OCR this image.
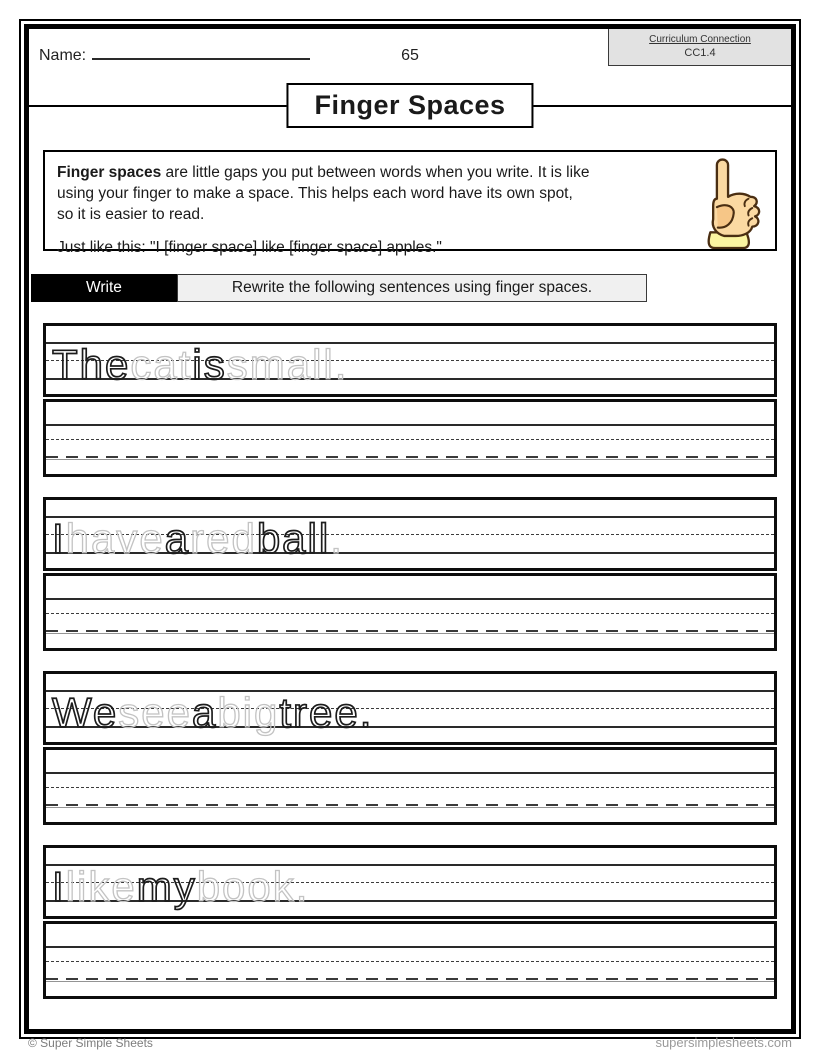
Name:	65
Curriculum Connection
CC1.4
Finger Spaces
Finger spaces are little gaps you put between words when you write. It is like
using your finger to make a space. This helps each word have its own spot,
so it is easier to read.
Just like this: "I [finger space] like [finger space] apples."
Write	Rewrite the following sentences using finger spaces.
Thecatissmall.
Ihavearedball.
Weseeabigtree.
Ilikemybook.
© Super Simple Sheets	supersimplesheets.com
